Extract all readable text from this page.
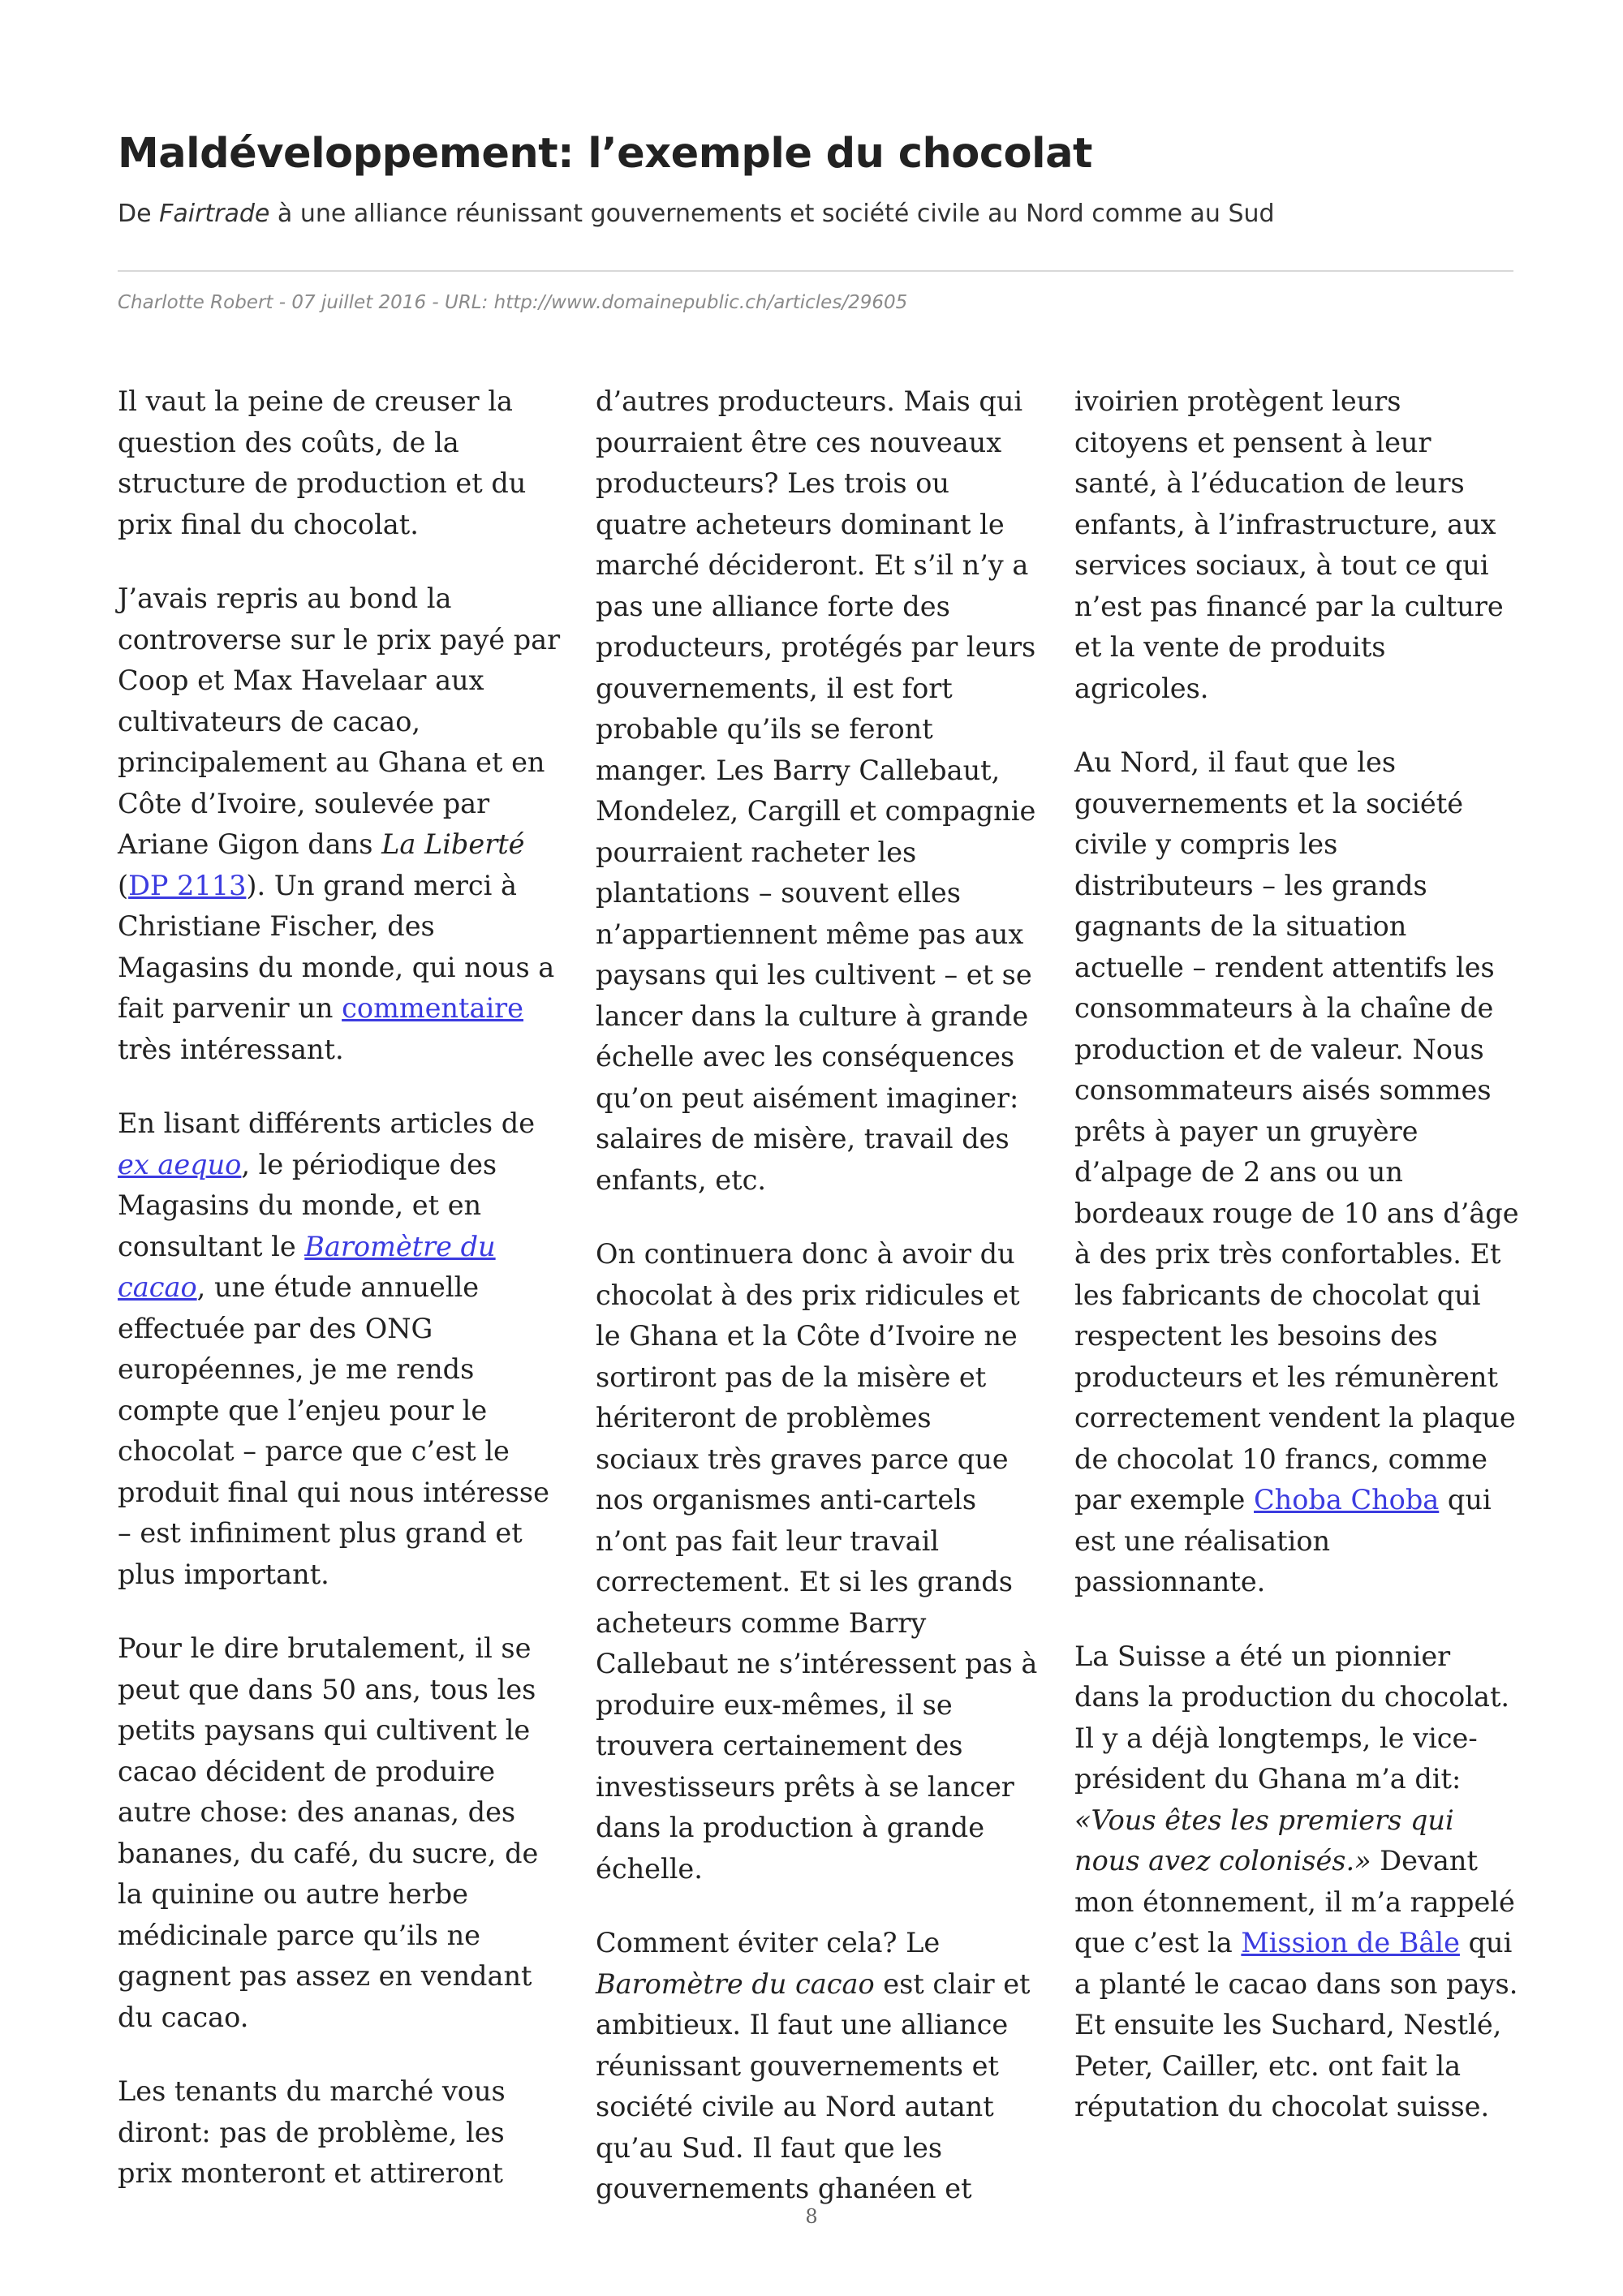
Maldéveloppement: l’exemple du chocolat

De Fairtrade à une alliance réunissant gouvernements et société civile au Nord comme au Sud

Charlotte Robert - 07 juillet 2016 - URL: http://www.domainepublic.ch/articles/29605

Il vaut la peine de creuser la question des coûts, de la structure de production et du prix final du chocolat.

J’avais repris au bond la controverse sur le prix payé par Coop et Max Havelaar aux cultivateurs de cacao, principalement au Ghana et en Côte d’Ivoire, soulevée par Ariane Gigon dans La Liberté (DP 2113). Un grand merci à Christiane Fischer, des Magasins du monde, qui nous a fait parvenir un commentaire très intéressant.

En lisant différents articles de ex aequo, le périodique des Magasins du monde, et en consultant le Baromètre du cacao, une étude annuelle effectuée par des ONG européennes, je me rends compte que l’enjeu pour le chocolat – parce que c’est le produit final qui nous intéresse – est infiniment plus grand et plus important.

Pour le dire brutalement, il se peut que dans 50 ans, tous les petits paysans qui cultivent le cacao décident de produire autre chose: des ananas, des bananes, du café, du sucre, de la quinine ou autre herbe médicinale parce qu’ils ne gagnent pas assez en vendant du cacao.

Les tenants du marché vous diront: pas de problème, les prix monteront et attireront

d’autres producteurs. Mais qui pourraient être ces nouveaux producteurs? Les trois ou quatre acheteurs dominant le marché décideront. Et s’il n’y a pas une alliance forte des producteurs, protégés par leurs gouvernements, il est fort probable qu’ils se feront manger. Les Barry Callebaut, Mondelez, Cargill et compagnie pourraient racheter les plantations – souvent elles n’appartiennent même pas aux paysans qui les cultivent – et se lancer dans la culture à grande échelle avec les conséquences qu’on peut aisément imaginer: salaires de misère, travail des enfants, etc.

On continuera donc à avoir du chocolat à des prix ridicules et le Ghana et la Côte d’Ivoire ne sortiront pas de la misère et hériteront de problèmes sociaux très graves parce que nos organismes anti-cartels n’ont pas fait leur travail correctement. Et si les grands acheteurs comme Barry Callebaut ne s’intéressent pas à produire eux-mêmes, il se trouvera certainement des investisseurs prêts à se lancer dans la production à grande échelle.

Comment éviter cela? Le Baromètre du cacao est clair et ambitieux. Il faut une alliance réunissant gouvernements et société civile au Nord autant qu’au Sud. Il faut que les gouvernements ghanéen et

ivoirien protègent leurs citoyens et pensent à leur santé, à l’éducation de leurs enfants, à l’infrastructure, aux services sociaux, à tout ce qui n’est pas financé par la culture et la vente de produits agricoles.

Au Nord, il faut que les gouvernements et la société civile y compris les distributeurs – les grands gagnants de la situation actuelle – rendent attentifs les consommateurs à la chaîne de production et de valeur. Nous consommateurs aisés sommes prêts à payer un gruyère d’alpage de 2 ans ou un bordeaux rouge de 10 ans d’âge à des prix très confortables. Et les fabricants de chocolat qui respectent les besoins des producteurs et les rémunèrent correctement vendent la plaque de chocolat 10 francs, comme par exemple Choba Choba qui est une réalisation passionnante.

La Suisse a été un pionnier dans la production du chocolat. Il y a déjà longtemps, le vice-président du Ghana m’a dit: «Vous êtes les premiers qui nous avez colonisés.» Devant mon étonnement, il m’a rappelé que c’est la Mission de Bâle qui a planté le cacao dans son pays. Et ensuite les Suchard, Nestlé, Peter, Cailler, etc. ont fait la réputation du chocolat suisse.

8
